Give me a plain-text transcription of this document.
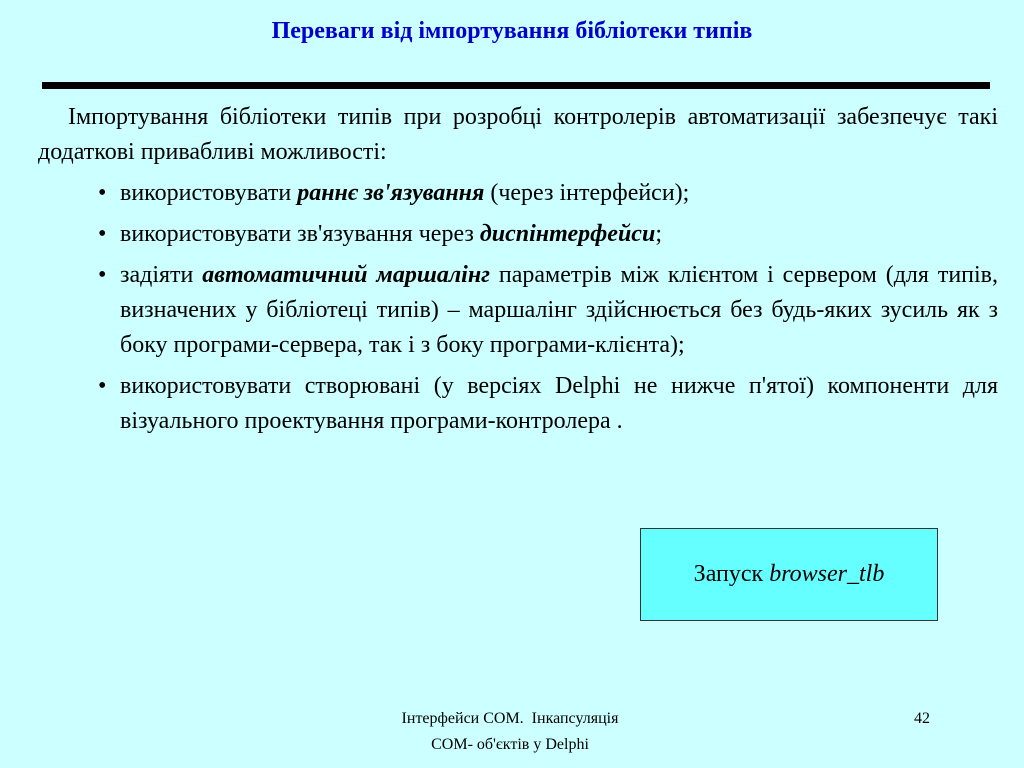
Переваги від імпортування бібліотеки типів

Імпортування бібліотеки типів при розробці контролерів автоматизації забезпечує такі додаткові привабливі можливості:

• використовувати раннє зв'язування (через інтерфейси);
• використовувати зв'язування через диспінтерфейси;
• задіяти автоматичний маршалінг параметрів між клієнтом і сервером (для типів, визначених у бібліотеці типів) – маршалінг здійснюється без будь-яких зусиль як з боку програми-сервера, так і з боку програми-клієнта);
• використовувати створювані (у версіях Delphi не нижче п'ятої) компоненти для візуального проектування програми-контролера .
Запуск browser_tlb
Інтерфейси COM.  Інкапсуляція
COM- об'єктів у Delphi
42
